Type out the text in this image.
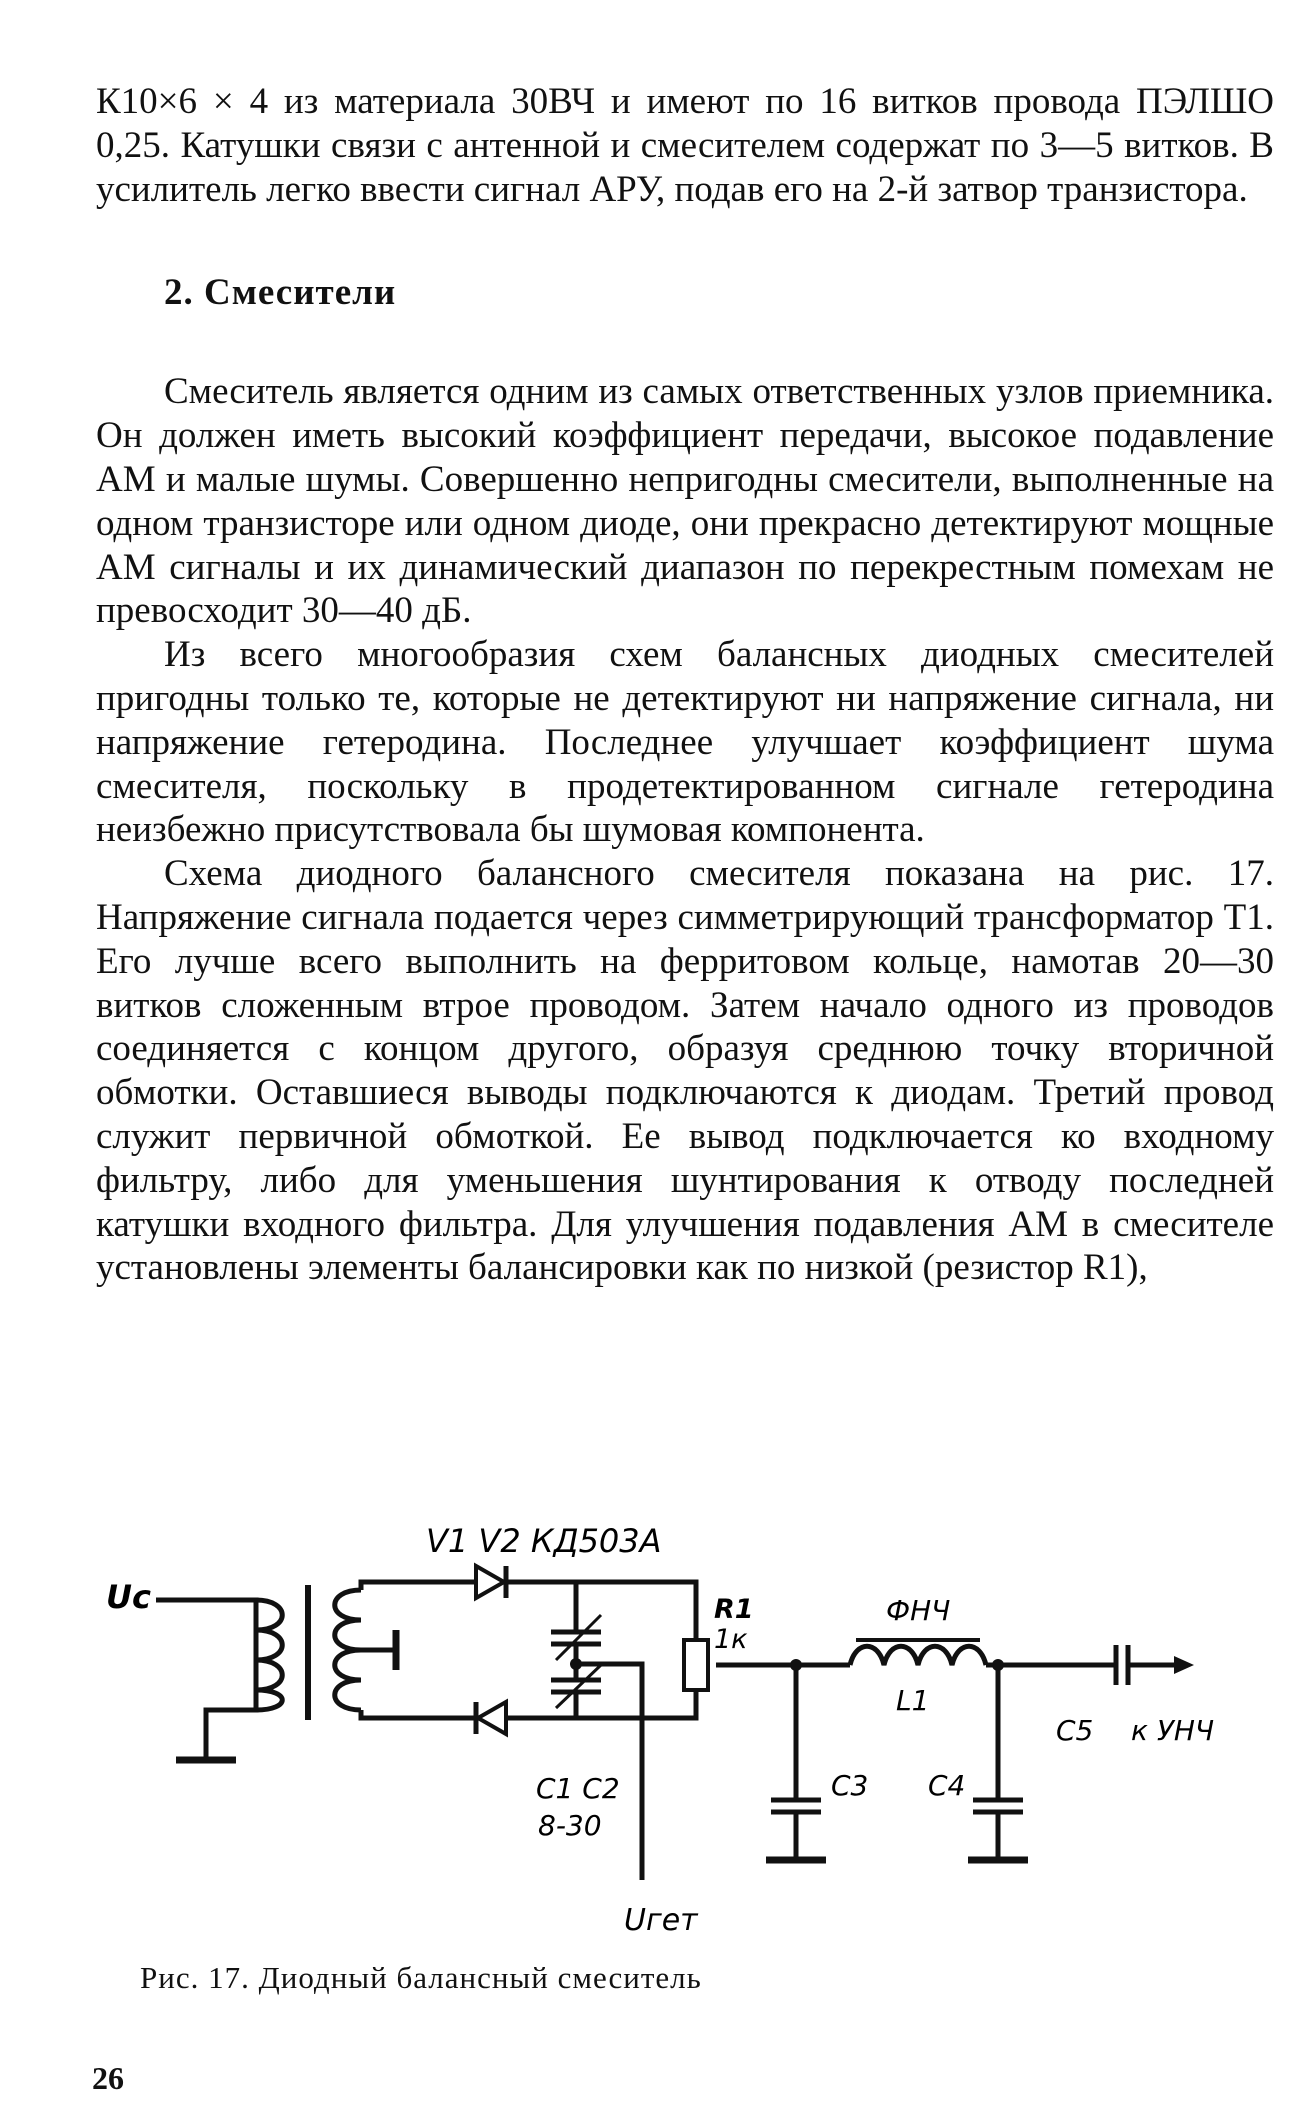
К10×6 × 4 из материала 30ВЧ и имеют по 16 витков провода ПЭЛШО 0,25. Катушки связи с антенной и смесителем содержат по 3—5 витков. В усилитель легко ввести сигнал АРУ, подав его на 2-й затвор транзистора.

2. Смесители

Смеситель является одним из самых ответственных узлов приемника. Он должен иметь высокий коэффициент передачи, высокое подавление АМ и малые шумы. Совершенно непригодны смесители, выполненные на одном транзисторе или одном диоде, они прекрасно детектируют мощные АМ сигналы и их динамический диапазон по перекрестным помехам не превосходит 30—40 дБ.

Из всего многообразия схем балансных диодных смесителей пригодны только те, которые не детектируют ни напряжение сигнала, ни напряжение гетеродина. Последнее улучшает коэффициент шума смесителя, поскольку в продетектированном сигнале гетеродина неизбежно присутствовала бы шумовая компонента.

Схема диодного балансного смесителя показана на рис. 17. Напряжение сигнала подается через симметрирующий трансформатор Т1. Его лучше всего выполнить на ферритовом кольце, намотав 20—30 витков сложенным втрое проводом. Затем начало одного из проводов соединяется с концом другого, образуя среднюю точку вторичной обмотки. Оставшиеся выводы подключаются к диодам. Третий провод служит первичной обмоткой. Ее вывод подключается ко входному фильтру, либо для уменьшения шунтирования к отводу последней катушки входного фильтра. Для улучшения подавления АМ в смесителе установлены элементы балансировки как по низкой (резистор R1),

V1 V2 КД503А
Uc	R1
1к
ФНЧ
L1
С1 С2
8-30
С3 С4
С5 к УНЧ
Uгет
Рис. 17. Диодный балансный смеситель
26
